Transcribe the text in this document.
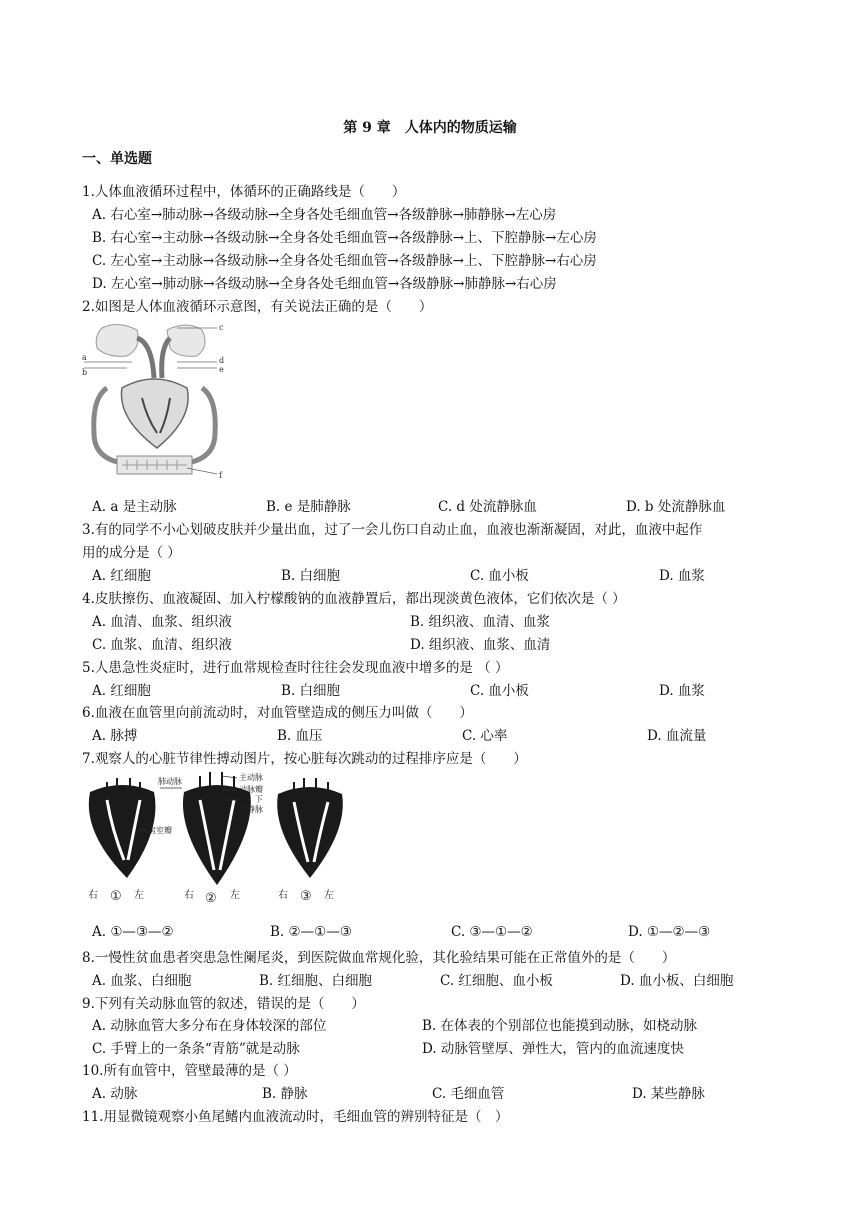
第 9 章　人体内的物质运输
一、单选题
1.人体血液循环过程中，体循环的正确路线是（　　）
A. 右心室→肺动脉→各级动脉→全身各处毛细血管→各级静脉→肺静脉→左心房
B. 右心室→主动脉→各级动脉→全身各处毛细血管→各级静脉→上、下腔静脉→左心房
C. 左心室→主动脉→各级动脉→全身各处毛细血管→各级静脉→上、下腔静脉→右心房
D. 左心室→肺动脉→各级动脉→全身各处毛细血管→各级静脉→肺静脉→右心房
2.如图是人体血液循环示意图，有关说法正确的是（　　）
a
b
c
d
e
f
A. a 是主动脉	B. e 是肺静脉	C. d 处流静脉血	D. b 处流静脉血
3.有的同学不小心划破皮肤并少量出血，过了一会儿伤口自动止血，血液也渐渐凝固，对此，血液中起作
用的成分是（ ）
A. 红细胞	B. 白细胞	C. 血小板	D. 血浆
4.皮肤擦伤、血液凝固、加入柠檬酸钠的血液静置后，都出现淡黄色液体，它们依次是（ ）
A. 血清、血浆、组织液	B. 组织液、血清、血浆
C. 血浆、血清、组织液	D. 组织液、血浆、血清
5.人患急性炎症时，进行血常规检查时往往会发现血液中增多的是 （ ）
A. 红细胞	B. 白细胞	C. 血小板	D. 血浆
6.血液在血管里向前流动时，对血管壁造成的侧压力叫做（　　）
A. 脉搏	B. 血压	C. 心率	D. 血流量
7.观察人的心脏节律性搏动图片，按心脏每次跳动的过程排序应是（　　）
主动脉
动脉瓣
上、下
腔静脉
肺动脉
房室瓣
右 ① 左	右 ② 左	右 ③ 左
A. ①—③—②	B. ②—①—③	C. ③—①—②	D. ①—②—③
8.一慢性贫血患者突患急性阑尾炎，到医院做血常规化验，其化验结果可能在正常值外的是（　　）
A. 血浆、白细胞	B. 红细胞、白细胞	C. 红细胞、血小板	D. 血小板、白细胞
9.下列有关动脉血管的叙述，错误的是（　　）
A. 动脉血管大多分布在身体较深的部位	B. 在体表的个别部位也能摸到动脉，如桡动脉
C. 手臂上的一条条“青筋”就是动脉	D. 动脉管壁厚、弹性大，管内的血流速度快
10.所有血管中，管壁最薄的是（ ）
A. 动脉	B. 静脉	C. 毛细血管	D. 某些静脉
11.用显微镜观察小鱼尾鳍内血液流动时，毛细血管的辨别特征是（　）
